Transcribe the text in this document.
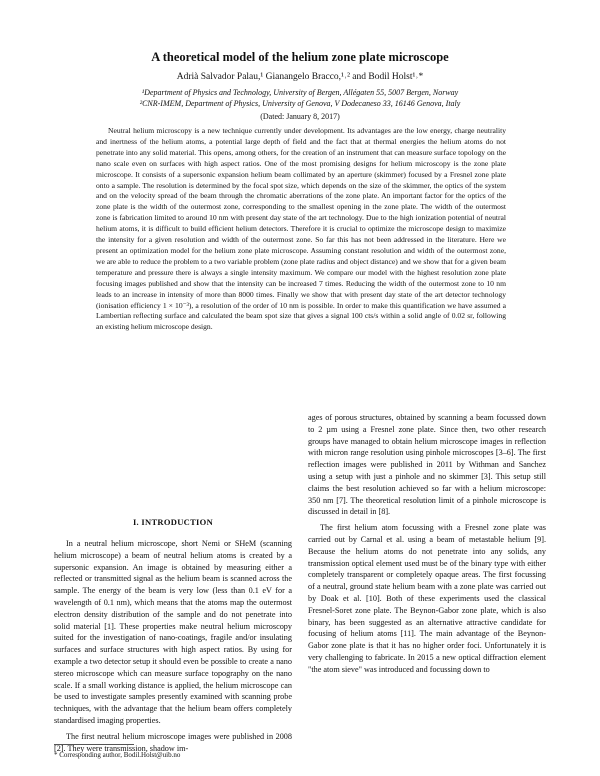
A theoretical model of the helium zone plate microscope
Adrià Salvador Palau,¹ Gianangelo Bracco,¹˒² and Bodil Holst¹˒*
¹Department of Physics and Technology, University of Bergen, Allégaten 55, 5007 Bergen, Norway
²CNR-IMEM, Department of Physics, University of Genova, V Dodecaneso 33, 16146 Genova, Italy
(Dated: January 8, 2017)

Neutral helium microscopy is a new technique currently under development. Its advantages are the low energy, charge neutrality and inertness of the helium atoms, a potential large depth of field and the fact that at thermal energies the helium atoms do not penetrate into any solid material. This opens, among others, for the creation of an instrument that can measure surface topology on the nano scale even on surfaces with high aspect ratios. One of the most promising designs for helium microscopy is the zone plate microscope. It consists of a supersonic expansion helium beam collimated by an aperture (skimmer) focused by a Fresnel zone plate onto a sample. The resolution is determined by the focal spot size, which depends on the size of the skimmer, the optics of the system and on the velocity spread of the beam through the chromatic aberrations of the zone plate. An important factor for the optics of the zone plate is the width of the outermost zone, corresponding to the smallest opening in the zone plate. The width of the outermost zone is fabrication limited to around 10 nm with present day state of the art technology. Due to the high ionization potential of neutral helium atoms, it is difficult to build efficient helium detectors. Therefore it is crucial to optimize the microscope design to maximize the intensity for a given resolution and width of the outermost zone. So far this has not been addressed in the literature. Here we present an optimization model for the helium zone plate microscope. Assuming constant resolution and width of the outermost zone, we are able to reduce the problem to a two variable problem (zone plate radius and object distance) and we show that for a given beam temperature and pressure there is always a single intensity maximum. We compare our model with the highest resolution zone plate focusing images published and show that the intensity can be increased 7 times. Reducing the width of the outermost zone to 10 nm leads to an increase in intensity of more than 8000 times. Finally we show that with present day state of the art detector technology (ionisation efficiency 1 × 10⁻³), a resolution of the order of 10 nm is possible. In order to make this quantification we have assumed a Lambertian reflecting surface and calculated the beam spot size that gives a signal 100 cts/s within a solid angle of 0.02 sr, following an existing helium microscope design.

I. INTRODUCTION

In a neutral helium microscope, short Nemi or SHeM (scanning helium microscope) a beam of neutral helium atoms is created by a supersonic expansion. An image is obtained by measuring either a reflected or transmitted signal as the helium beam is scanned across the sample. The energy of the beam is very low (less than 0.1 eV for a wavelength of 0.1 nm), which means that the atoms map the outermost electron density distribution of the sample and do not penetrate into solid material [1]. These properties make neutral helium microscopy suited for the investigation of nano-coatings, fragile and/or insulating surfaces and surface structures with high aspect ratios. By using for example a two detector setup it should even be possible to create a nano stereo microscope which can measure surface topography on the nano scale. If a small working distance is applied, the helium microscope can be used to investigate samples presently examined with scanning probe techniques, with the advantage that the helium beam offers completely standardised imaging properties.

The first neutral helium microscope images were published in 2008 [2]. They were transmission, shadow im-

ages of porous structures, obtained by scanning a beam focussed down to 2 µm using a Fresnel zone plate. Since then, two other research groups have managed to obtain helium microscope images in reflection with micron range resolution using pinhole microscopes [3–6]. The first reflection images were published in 2011 by Withman and Sanchez using a setup with just a pinhole and no skimmer [3]. This setup still claims the best resolution achieved so far with a helium microscope: 350 nm [7]. The theoretical resolution limit of a pinhole microscope is discussed in detail in [8].

The first helium atom focussing with a Fresnel zone plate was carried out by Carnal et al. using a beam of metastable helium [9]. Because the helium atoms do not penetrate into any solids, any transmission optical element used must be of the binary type with either completely transparent or completely opaque areas. The first focussing of a neutral, ground state helium beam with a zone plate was carried out by Doak et al. [10]. Both of these experiments used the classical Fresnel-Soret zone plate. The Beynon-Gabor zone plate, which is also binary, has been suggested as an alternative attractive candidate for focusing of helium atoms [11]. The main advantage of the Beynon-Gabor zone plate is that it has no higher order foci. Unfortunately it is very challenging to fabricate. In 2015 a new optical diffraction element "the atom sieve" was introduced and focussing down to

* Corresponding author, Bodil.Holst@uib.no
